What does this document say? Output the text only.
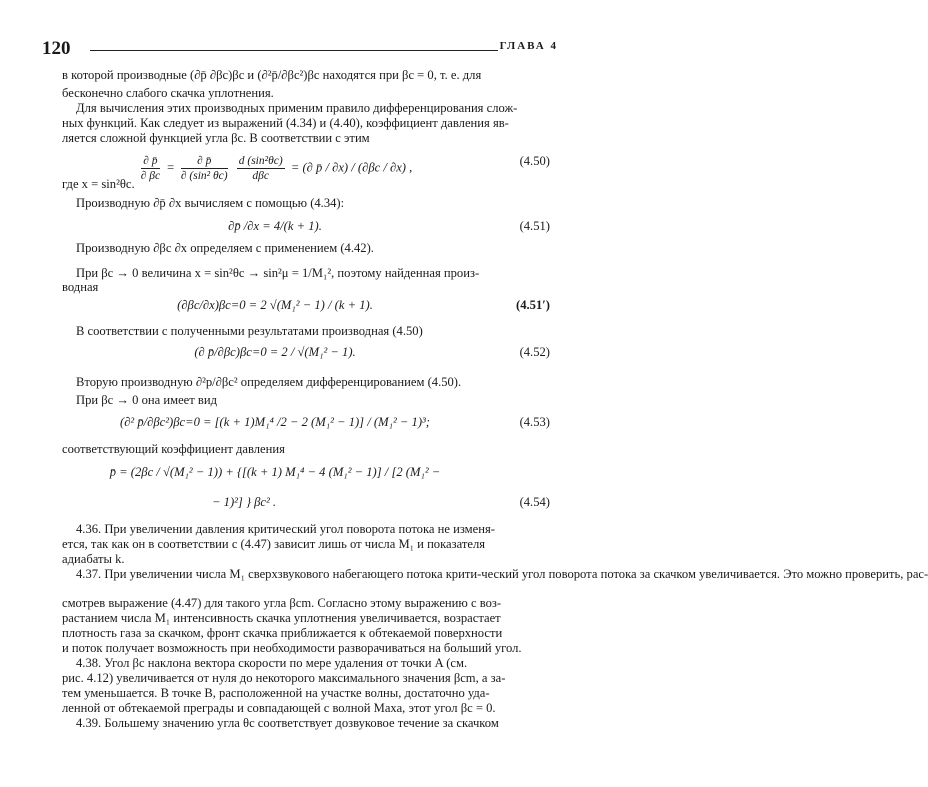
120	ГЛАВА 4
в которой производные (∂p̄ ∂βс)βс и (∂²p̄/∂βс²)βс находятся при βс = 0, т. е. для
бесконечно слабого скачка уплотнения.
Для вычисления этих производных применим правило дифференцирования слож-
ных функций. Как следует из выражений (4.34) и (4.40), коэффициент давления яв-
ляется сложной функцией угла βс. В соответствии с этим
$\frac{\partial p̄}{\partial \beta с} = \frac{\partial p̄}{\text{∂ (sin² θс)}}$
$\frac{\text{d (sin²θс)}}{\text{dβс}}$ = (∂ p̄ / ∂x) / (∂βс / ∂x) ,	(4.50)
где x = sin²θс.
Производную ∂p̄ ∂x вычисляем с помощью (4.34):
∂p̄ /∂x = 4/(k + 1).	(4.51)
Производную ∂βс ∂x определяем с применением (4.42).
При βс → 0 величина x = sin²θс → sin²μ = 1/M₁², поэтому найденная произ-
водная
(∂βс/∂x)βс=0 = 2 √(M₁² − 1) / (k + 1).	(4.51′)
В соответствии с полученными результатами производная (4.50)
(∂ p̄/∂βс)βс=0 = 2 / √(M₁² − 1).	(4.52)
Вторую производную ∂²p/∂βс² определяем дифференцированием (4.50).
При βс → 0 она имеет вид
(∂² p̄/∂βс²)βс=0 = [(k + 1)M₁⁴ /2 − 2 (M₁² − 1)] / (M₁² − 1)³;	(4.53)
соответствующий коэффициент давления
p̄ = (2βс / √(M₁² − 1)) + {[(k + 1) M₁⁴ − 4 (M₁² − 1)] / [2 (M₁² −
− 1)²] } βс² .	(4.54)
4.36. При увеличении давления критический угол поворота потока не изменя-
ется, так как он в соответствии с (4.47) зависит лишь от числа M₁ и показателя
адиабаты k.
4.37. При увеличении числа M₁ сверхзвукового набегающего потока крити-ческий угол поворота потока за скачком увеличивается. Это можно проверить, рас-
смотрев выражение (4.47) для такого угла βсm. Согласно этому выражению с воз-
растанием числа M₁ интенсивность скачка уплотнения увеличивается, возрастает
плотность газа за скачком, фронт скачка приближается к обтекаемой поверхности
и поток получает возможность при необходимости разворачиваться на больший угол.
4.38. Угол βс наклона вектора скорости по мере удаления от точки A (см.
рис. 4.12) увеличивается от нуля до некоторого максимального значения βсm, а за-
тем уменьшается. В точке B, расположенной на участке волны, достаточно уда-
ленной от обтекаемой преграды и совпадающей с волной Маха, этот угол βс = 0.
4.39. Большему значению угла θс соответствует дозвуковое течение за скачком
